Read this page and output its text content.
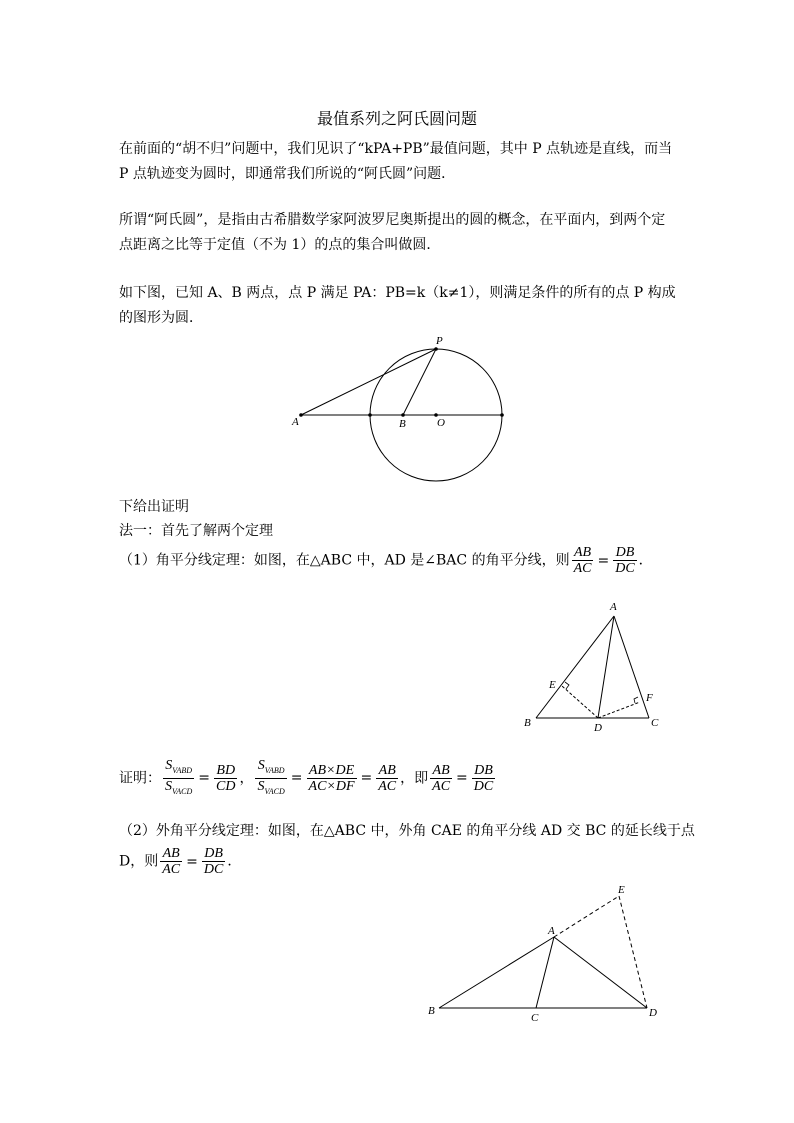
最值系列之阿氏圆问题
在前面的“胡不归”问题中，我们见识了“kPA+PB”最值问题，其中 P 点轨迹是直线，而当 P 点轨迹变为圆时，即通常我们所说的“阿氏圆”问题．
所谓“阿氏圆”，是指由古希腊数学家阿波罗尼奥斯提出的圆的概念，在平面内，到两个定点距离之比等于定值（不为 1）的点的集合叫做圆．
如下图，已知 A、B 两点，点 P 满足 PA：PB=k（k≠1），则满足条件的所有的点 P 构成的图形为圆．
A	B	O
P
下给出证明
法一：首先了解两个定理
（1）角平分线定理：如图，在△ABC 中，AD 是∠BAC 的角平分线，则 $\frac{AB}{AC} = \frac{DB}{DC}$ ．
A
B	C
D
E
F
证明： $\frac{S_{VABD}}{S_{VACD}} = \frac{BD}{CD}$ ， $\frac{S_{VABD}}{S_{VACD}} = \frac{AB\times DE}{AC\times DF} = \frac{AB}{AC}$ ，即 $\frac{AB}{AC} = \frac{DB}{DC}$
（2）外角平分线定理：如图，在△ABC 中，外角 CAE 的角平分线 AD 交 BC 的延长线于点
D，则 $\frac{AB}{AC} = \frac{DB}{DC}$ ．
A
B
C	D
E
